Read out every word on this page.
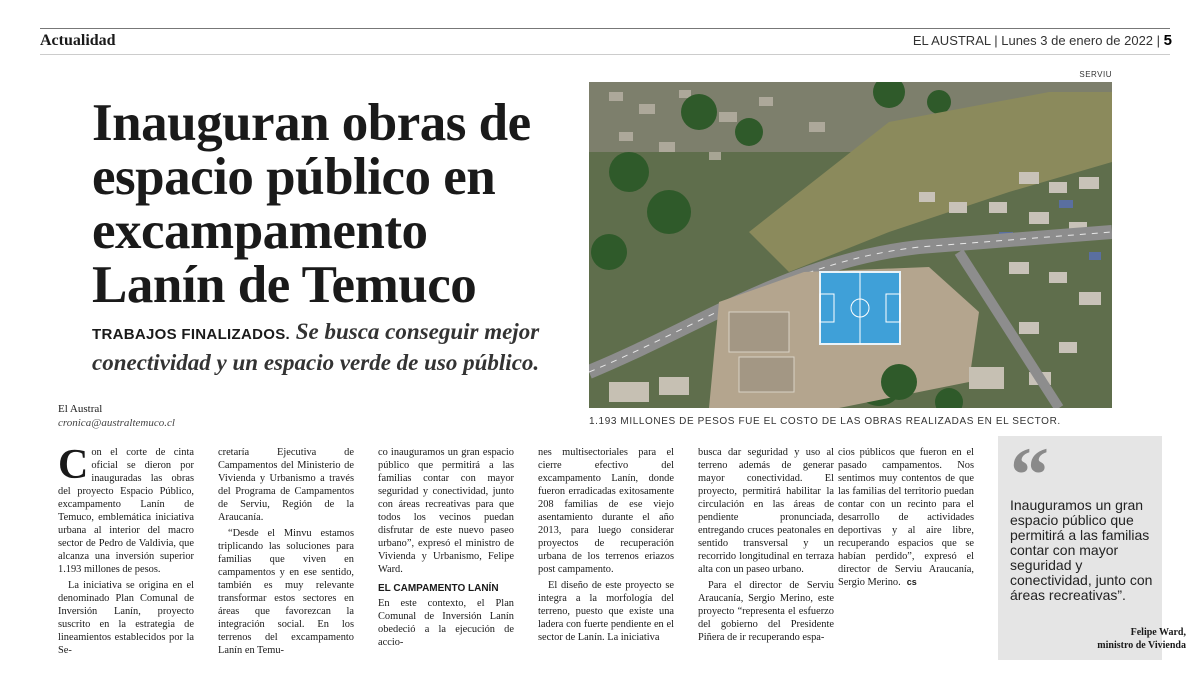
Actualidad	EL AUSTRAL | Lunes 3 de enero de 2022 | 5
Inauguran obras de espacio público en excampamento Lanín de Temuco
TRABAJOS FINALIZADOS. Se busca conseguir mejor conectividad y un espacio verde de uso público.
El Austral
cronica@australtemuco.cl
SERVIU
1.193 MILLONES DE PESOS FUE EL COSTO DE LAS OBRAS REALIZADAS EN EL SECTOR.

Con el corte de cinta oficial se dieron por inauguradas las obras del proyecto Espacio Público, excampamento Lanín de Temuco, emblemática iniciativa urbana al interior del macro sector de Pedro de Valdivia, que alcanza una inversión superior 1.193 millones de pesos.

La iniciativa se origina en el denominado Plan Comunal de Inversión Lanín, proyecto suscrito en la estrategia de lineamientos establecidos por la Se-

cretaría Ejecutiva de Campamentos del Ministerio de Vivienda y Urbanismo a través del Programa de Campamentos de Serviu, Región de la Araucanía.

“Desde el Minvu estamos triplicando las soluciones para familias que viven en campamentos y en ese sentido, también es muy relevante transformar estos sectores en áreas que favorezcan la integración social. En los terrenos del excampamento Lanín en Temu-

co inauguramos un gran espacio público que permitirá a las familias contar con mayor seguridad y conectividad, junto con áreas recreativas para que todos los vecinos puedan disfrutar de este nuevo paseo urbano”, expresó el ministro de Vivienda y Urbanismo, Felipe Ward.

EL CAMPAMENTO LANÍN

En este contexto, el Plan Comunal de Inversión Lanín obedeció a la ejecución de accio-

nes multisectoriales para el cierre efectivo del excampamento Lanín, donde fueron erradicadas exitosamente 208 familias de ese viejo asentamiento durante el año 2013, para luego considerar proyectos de recuperación urbana de los terrenos eriazos post campamento.

El diseño de este proyecto se integra a la morfología del terreno, puesto que existe una ladera con fuerte pendiente en el sector de Lanín. La iniciativa

busca dar seguridad y uso al terreno además de generar mayor conectividad. El proyecto, permitirá habilitar la circulación en las áreas de pendiente pronunciada, entregando cruces peatonales en sentido transversal y un recorrido longitudinal en terraza alta con un paseo urbano.

Para el director de Serviu Araucanía, Sergio Merino, este proyecto “representa el esfuerzo del gobierno del Presidente Piñera de ir recuperando espa-

cios públicos que fueron en el pasado campamentos. Nos sentimos muy contentos de que las familias del territorio puedan contar con un recinto para el desarrollo de actividades deportivas y al aire libre, recuperando espacios que se habían perdido”, expresó el director de Serviu Araucanía, Sergio Merino. cs

“
Inauguramos un gran espacio público que permitirá a las familias contar con mayor seguridad y conectividad, junto con áreas recreativas”.
Felipe Ward,
ministro de Vivienda
